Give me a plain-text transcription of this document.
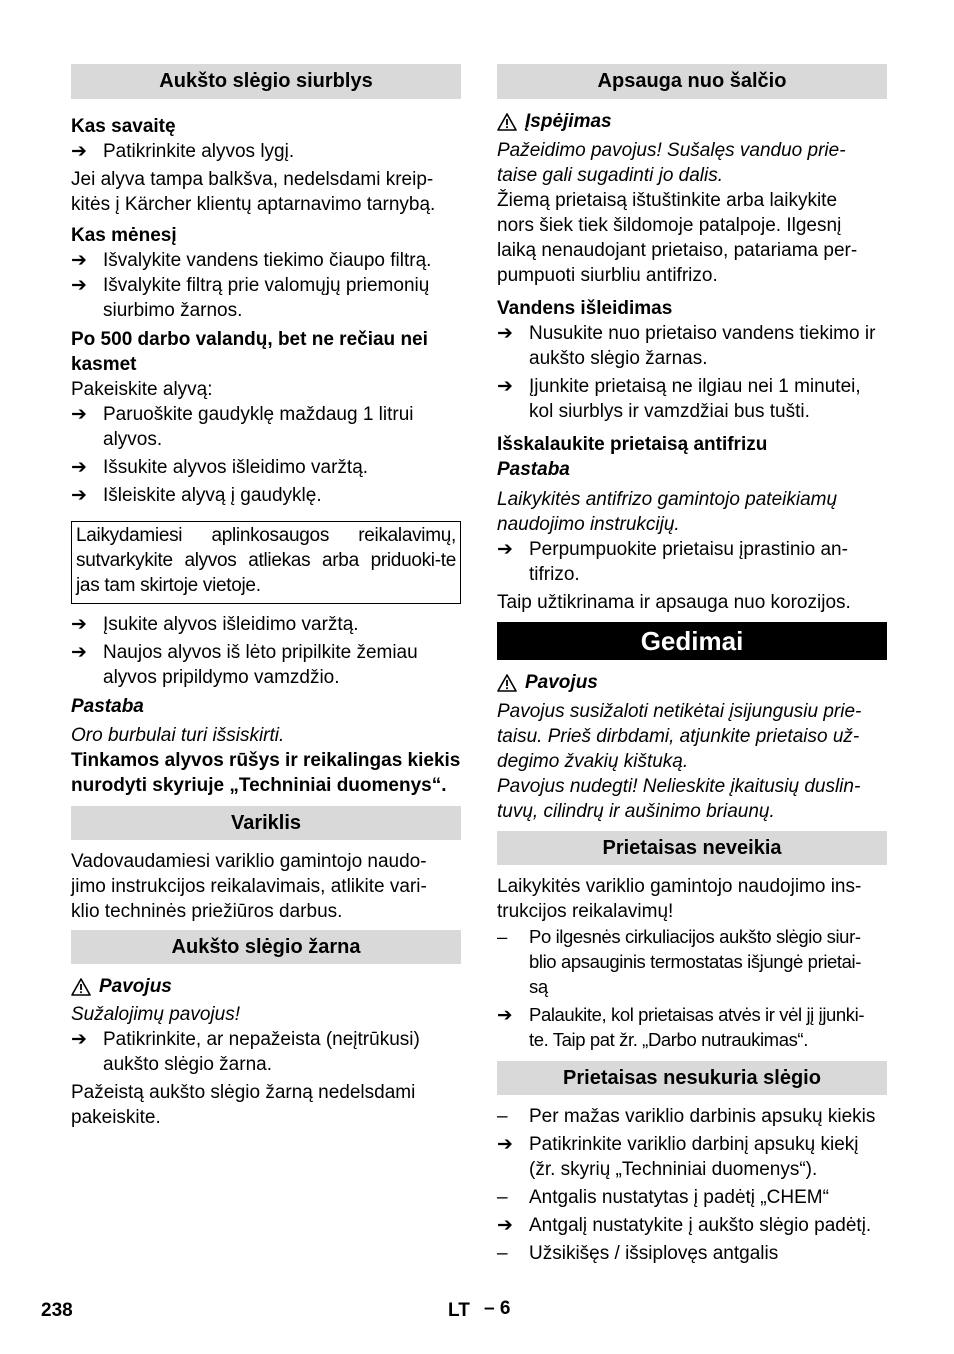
Aukšto slėgio siurblys
Kas savaitę
➔ Patikrinkite alyvos lygį.
Jei alyva tampa balkšva, nedelsdami kreip-
kitės į Kärcher klientų aptarnavimo tarnybą.
Kas mėnesį
➔ Išvalykite vandens tiekimo čiaupo filtrą.
➔ Išvalykite filtrą prie valomųjų priemonių siurbimo žarnos.
Po 500 darbo valandų, bet ne rečiau nei kasmet
Pakeiskite alyvą:
➔ Paruoškite gaudyklę maždaug 1 litrui alyvos.
➔ Išsukite alyvos išleidimo varžtą.
➔ Išleiskite alyvą į gaudyklę.
Laikydamiesi aplinkosaugos reikalavimų, sutvarkykite alyvos atliekas arba priduoki-te jas tam skirtoje vietoje.
➔ Įsukite alyvos išleidimo varžtą.
➔ Naujos alyvos iš lėto pripilkite žemiau alyvos pripildymo vamzdžio.
Pastaba
Oro burbulai turi išsiskirti.
Tinkamos alyvos rūšys ir reikalingas kiekis nurodyti skyriuje „Techniniai duomenys“.
Variklis
Vadovaudamiesi variklio gamintojo naudo-
jimo instrukcijos reikalavimais, atlikite vari-
klio techninės priežiūros darbus.
Aukšto slėgio žarna
Pavojus
Sužalojimų pavojus!
➔ Patikrinkite, ar nepažeista (neįtrūkusi) aukšto slėgio žarna.
Pažeistą aukšto slėgio žarną nedelsdami pakeiskite.
Apsauga nuo šalčio
Įspėjimas
Pažeidimo pavojus! Sušalęs vanduo prie-
taise gali sugadinti jo dalis.
Žiemą prietaisą ištuštinkite arba laikykite
nors šiek tiek šildomoje patalpoje. Ilgesnį
laiką nenaudojant prietaiso, patariama per-
pumpuoti siurbliu antifrizo.
Vandens išleidimas
➔ Nusukite nuo prietaiso vandens tiekimo ir aukšto slėgio žarnas.
➔ Įjunkite prietaisą ne ilgiau nei 1 minutei, kol siurblys ir vamzdžiai bus tušti.
Išskalaukite prietaisą antifrizu
Pastaba
Laikykitės antifrizo gamintojo pateikiamų naudojimo instrukcijų.
➔ Perpumpuokite prietaisu įprastinio an-tifrizo.
Taip užtikrinama ir apsauga nuo korozijos.
Gedimai
Pavojus
Pavojus susižaloti netikėtai įsijungusiu prie-
taisu. Prieš dirbdami, atjunkite prietaiso už-
degimo žvakių kištuką.
Pavojus nudegti! Nelieskite įkaitusių duslin-
tuvų, cilindrų ir aušinimo briaunų.
Prietaisas neveikia
Laikykitės variklio gamintojo naudojimo ins-
trukcijos reikalavimų!
–	Po ilgesnės cirkuliacijos aukšto slėgio siur-
blio apsauginis termostatas išjungė prietai-
są
➔ Palaukite, kol prietaisas atvės ir vėl jį įjunki-
te. Taip pat žr. „Darbo nutraukimas“.
Prietaisas nesukuria slėgio
–	Per mažas variklio darbinis apsukų kiekis
➔ Patikrinkite variklio darbinį apsukų kiekį
(žr. skyrių „Techniniai duomenys“).
–	Antgalis nustatytas į padėtį „CHEM“
➔ Antgalį nustatykite į aukšto slėgio padėtį.
–	Užsikišęs / išsiplovęs antgalis
238	LT – 6
